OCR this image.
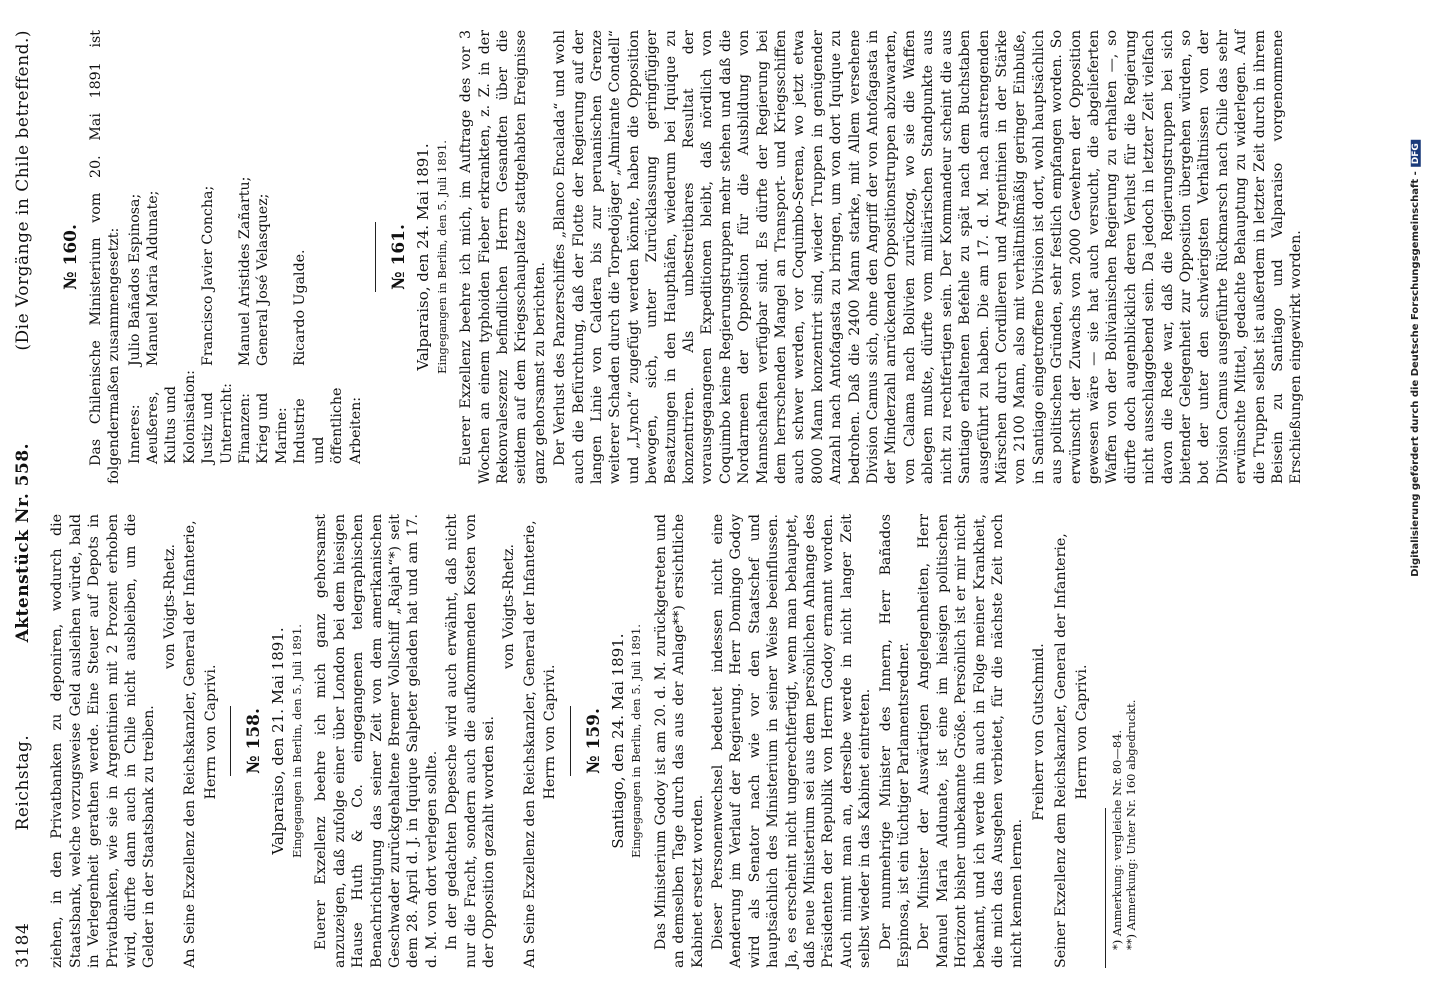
3184
Reichstag.
Aktenstück Nr. 558.
(Die Vorgänge in Chile betreffend.)

ziehen, in den Privatbanken zu deponiren, wodurch die Staatsbank, welche vorzugsweise Geld ausleihen würde, bald in Verlegenheit gerathen werde. Eine Steuer auf Depots in Privatbanken, wie sie in Argentinien mit 2 Prozent erhoben wird, dürfte dann auch in Chile nicht ausbleiben, um die Gelder in der Staatsbank zu treiben.

von Voigts-Rhetz. An Seine Exzellenz den Reichskanzler, General der Infanterie, Herrn von Caprivi. № 158. Valparaiso, den 21. Mai 1891. Eingegangen in Berlin, den 5. Juli 1891. Euerer Exzellenz beehre ich mich ganz gehorsamst anzuzeigen, daß zufolge einer über London bei dem hiesigen Hause Huth & Co. eingegangenen telegraphischen Benachrichtigung das seiner Zeit von dem amerikanischen Geschwader zurückgehaltene Bremer Vollschiff „Rajah“*) seit dem 28. April d. J. in Iquique Salpeter geladen hat und am 17. d. M. von dort verlegen sollte. In der gedachten Depesche wird auch erwähnt, daß nicht nur die Fracht, sondern auch die aufkommenden Kosten von der Opposition gezahlt worden sei.

von Voigts-Rhetz. An Seine Exzellenz den Reichskanzler, General der Infanterie, Herrn von Caprivi. № 159. Santiago, den 24. Mai 1891. Eingegangen in Berlin, den 5. Juli 1891. Das Ministerium Godoy ist am 20. d. M. zurückgetreten und an demselben Tage durch das aus der Anlage**) ersichtliche Kabinet ersetzt worden. Dieser Personenwechsel bedeutet indessen nicht eine Aenderung im Verlauf der Regierung. Herr Domingo Godoy wird als Senator nach wie vor den Staatschef und hauptsächlich des Ministerium in seiner Weise beeinflussen. Ja, es erscheint nicht ungerechtfertigt, wenn man behauptet, daß neue Ministerium sei aus dem persönlichen Anhange des Präsidenten der Republik von Herrn Godoy ernannt worden. Auch nimmt man an, derselbe werde in nicht langer Zeit selbst wieder in das Kabinet eintreten. Der nunmehrige Minister des Innern, Herr Bañados Espinosa, ist ein tüchtiger Parlamentsredner. Der Minister der Auswärtigen Angelegenheiten, Herr Manuel Maria Aldunate, ist eine im hiesigen politischen Horizont bisher unbekannte Größe. Persönlich ist er mir nicht bekannt, und ich werde ihn auch in Folge meiner Krankheit, die mich das Ausgehen verbietet, für die nächste Zeit noch nicht kennen lernen.

Freiherr von Gutschmid. Seiner Exzellenz dem Reichskanzler, General der Infanterie, Herrn von Caprivi. *) Anmerkung: vergleiche Nr. 80—84. **) Anmerkung: Unter Nr. 160 abgedruckt.

№ 160. Das Chilenische Ministerium vom 20. Mai 1891 ist folgendermaßen zusammengesetzt: Inneres:
Julio Bañados Espinosa;
Aeußeres, Kultus und Kolonisation:
Manuel Maria Aldunate;
Justiz und Unterricht:
Francisco Javier Concha;
Finanzen:
Manuel Aristides Zañartu;
Krieg und Marine:
General José Velasquez;
Industrie und öffentliche Arbeiten:
Ricardo Ugalde.	№ 161. Valparaiso, den 24. Mai 1891. Eingegangen in Berlin, den 5. Juli 1891. Euerer Exzellenz beehre ich mich, im Auftrage des vor 3 Wochen an einem typhoiden Fieber erkrankten, z. Z. in der Rekonvaleszenz befindlichen Herrn Gesandten über die seitdem auf dem Kriegsschauplatze stattgehabten Ereignisse ganz gehorsamst zu berichten. Der Verlust des Panzerschiffes „Blanco Encalada“ und wohl auch die Befürchtung, daß der Flotte der Regierung auf der langen Linie von Caldera bis zur peruanischen Grenze weiterer Schaden durch die Torpedojäger „Almirante Condell“ und „Lynch“ zugefügt werden könnte, haben die Opposition bewogen, sich, unter Zurücklassung geringfügiger Besatzungen in den Haupthäfen, wiederum bei Iquique zu konzentriren. Als unbestreitbares Resultat der vorausgegangenen Expeditionen bleibt, daß nördlich von Coquimbo keine Regierungstruppen mehr stehen und daß die Nordarmeen der Opposition für die Ausbildung von Mannschaften verfügbar sind. Es dürfte der Regierung bei dem herrschenden Mangel an Transport- und Kriegsschiffen auch schwer werden, vor Coquimbo-Serena, wo jetzt etwa 8000 Mann konzentrirt sind, wieder Truppen in genügender Anzahl nach Antofagasta zu bringen, um von dort Iquique zu bedrohen. Daß die 2400 Mann starke, mit Allem versehene Division Camus sich, ohne den Angriff der von Antofagasta in der Minderzahl anrückenden Oppositionstruppen abzuwarten, von Calama nach Bolivien zurückzog, wo sie die Waffen ablegen mußte, dürfte vom militärischen Standpunkte aus nicht zu rechtfertigen sein. Der Kommandeur scheint die aus Santiago erhaltenen Befehle zu spät nach dem Buchstaben ausgeführt zu haben. Die am 17. d. M. nach anstrengenden Märschen durch Cordilleren und Argentinien in der Stärke von 2100 Mann, also mit verhältnißmäßig geringer Einbuße, in Santiago eingetroffene Division ist dort, wohl hauptsächlich aus politischen Gründen, sehr festlich empfangen worden. So erwünscht der Zuwachs von 2000 Gewehren der Opposition gewesen wäre — sie hat auch versucht, die abgelieferten Waffen von der Bolivianischen Regierung zu erhalten —, so dürfte doch augenblicklich deren Verlust für die Regierung nicht ausschlaggebend sein. Da jedoch in letzter Zeit vielfach davon die Rede war, daß die Regierungstruppen bei sich bietender Gelegenheit zur Opposition übergehen würden, so bot der unter den schwierigsten Verhältnissen von der Division Camus ausgeführte Rückmarsch nach Chile das sehr erwünschte Mittel, gedachte Behauptung zu widerlegen. Auf die Truppen selbst ist außerdem in letzter Zeit durch in ihrem Beisein zu Santiago und Valparaiso vorgenommene Erschießungen eingewirkt worden.	Digitalisierung gefördert durch die Deutsche Forschungsgemeinschaft -DFG
